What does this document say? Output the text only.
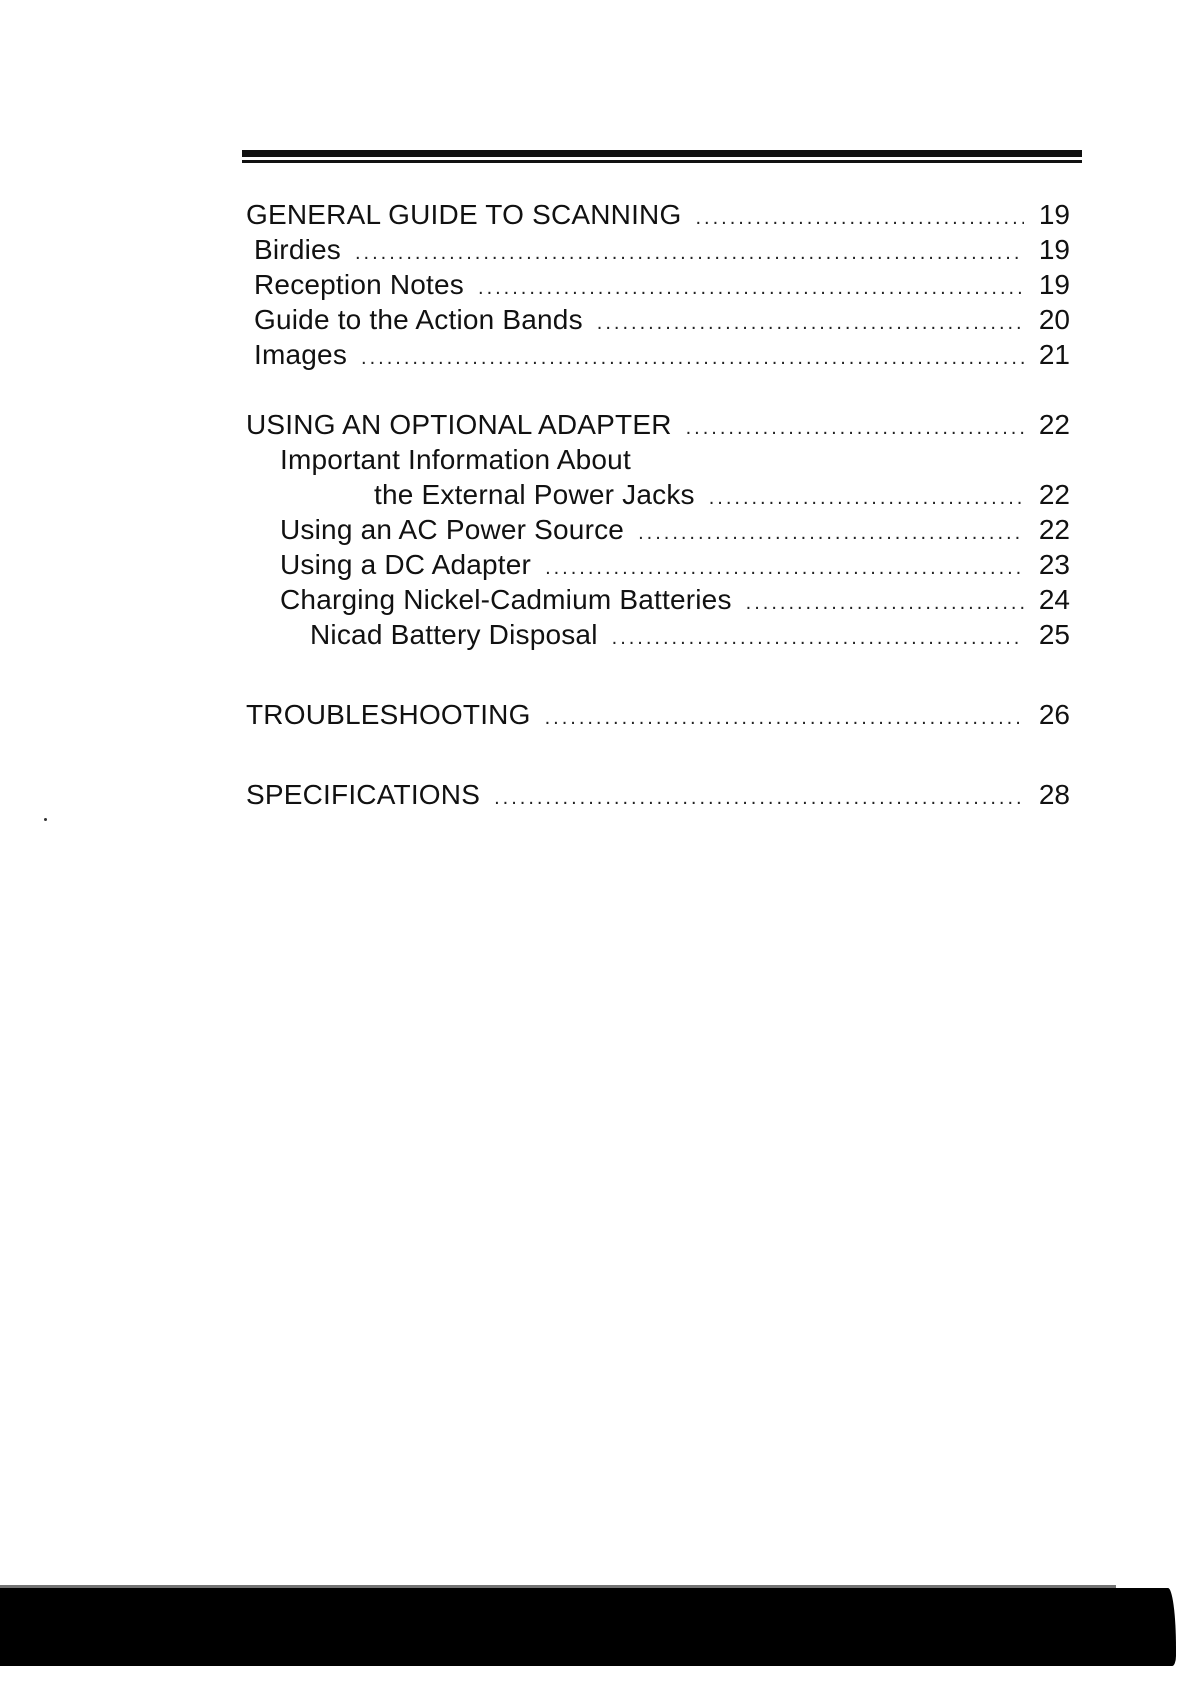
GENERAL GUIDE TO SCANNING .....	19
Birdies .....	19
Reception Notes .....	19
Guide to the Action Bands .....	20
Images .....	21
USING AN OPTIONAL ADAPTER .....	22
Important Information About
the External Power Jacks .....	22
Using an AC Power Source .....	22
Using a DC Adapter .....	23
Charging Nickel-Cadmium Batteries .....	24
Nicad Battery Disposal .....	25
TROUBLESHOOTING .....	26
SPECIFICATIONS .....	28
